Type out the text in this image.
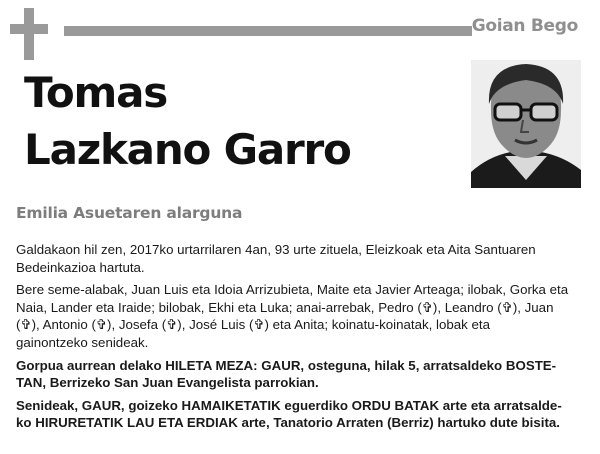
Goian Bego
Tomas
Lazkano Garro
Emilia Asuetaren alarguna

Galdakaon hil zen, 2017ko urtarrilaren 4an, 93 urte zituela, Eleizkoak eta Aita Santuaren
Bedeinkazioa hartuta.

Bere seme-alabak, Juan Luis eta Idoia Arrizubieta, Maite eta Javier Arteaga; ilobak, Gorka eta
Naia, Lander eta Iraide; bilobak, Ekhi eta Luka; anai-arrebak, Pedro (✞), Leandro (✞), Juan
(✞), Antonio (✞), Josefa (✞), José Luis (✞) eta Anita; koinatu-koinatak, lobak eta
gainontzeko senideak.

Gorpua aurrean delako HILETA MEZA: GAUR, osteguna, hilak 5, arratsaldeko BOSTE-
TAN, Berrizeko San Juan Evangelista parrokian.

Senideak, GAUR, goizeko HAMAIKETATIK eguerdiko ORDU BATAK arte eta arratsalde-
ko HIRURETATIK LAU ETA ERDIAK arte, Tanatorio Arraten (Berriz) hartuko dute bisita.
